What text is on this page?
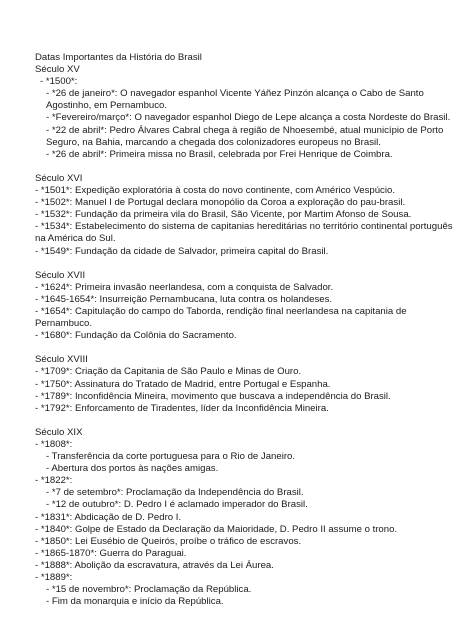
Datas Importantes da História do Brasil
Século XV
- *1500*:
- *26 de janeiro*: O navegador espanhol Vicente Yáñez Pinzón alcança o Cabo de Santo Agostinho, em Pernambuco.
- *Fevereiro/março*: O navegador espanhol Diego de Lepe alcança a costa Nordeste do Brasil.
- *22 de abril*: Pedro Álvares Cabral chega à região de Nhoesembé, atual município de Porto Seguro, na Bahia, marcando a chegada dos colonizadores europeus no Brasil.
- *26 de abril*: Primeira missa no Brasil, celebrada por Frei Henrique de Coimbra.
Século XVI
- *1501*: Expedição exploratória à costa do novo continente, com Américo Vespúcio.
- *1502*: Manuel I de Portugal declara monopólio da Coroa a exploração do pau-brasil.
- *1532*: Fundação da primeira vila do Brasil, São Vicente, por Martim Afonso de Sousa.
- *1534*: Estabelecimento do sistema de capitanias hereditárias no território continental português na América do Sul.
- *1549*: Fundação da cidade de Salvador, primeira capital do Brasil.
Século XVII
- *1624*: Primeira invasão neerlandesa, com a conquista de Salvador.
- *1645-1654*: Insurreição Pernambucana, luta contra os holandeses.
- *1654*: Capitulação do campo do Taborda, rendição final neerlandesa na capitania de Pernambuco.
- *1680*: Fundação da Colônia do Sacramento.
Século XVIII
- *1709*: Criação da Capitania de São Paulo e Minas de Ouro.
- *1750*: Assinatura do Tratado de Madrid, entre Portugal e Espanha.
- *1789*: Inconfidência Mineira, movimento que buscava a independência do Brasil.
- *1792*: Enforcamento de Tiradentes, líder da Inconfidência Mineira.
Século XIX
- *1808*:
- Transferência da corte portuguesa para o Rio de Janeiro.
- Abertura dos portos às nações amigas.
- *1822*:
- *7 de setembro*: Proclamação da Independência do Brasil.
- *12 de outubro*: D. Pedro I é aclamado imperador do Brasil.
- *1831*: Abdicação de D. Pedro I.
- *1840*: Golpe de Estado da Declaração da Maioridade, D. Pedro II assume o trono.
- *1850*: Lei Eusébio de Queirós, proíbe o tráfico de escravos.
- *1865-1870*: Guerra do Paraguai.
- *1888*: Abolição da escravatura, através da Lei Áurea.
- *1889*:
- *15 de novembro*: Proclamação da República.
- Fim da monarquia e início da República.
